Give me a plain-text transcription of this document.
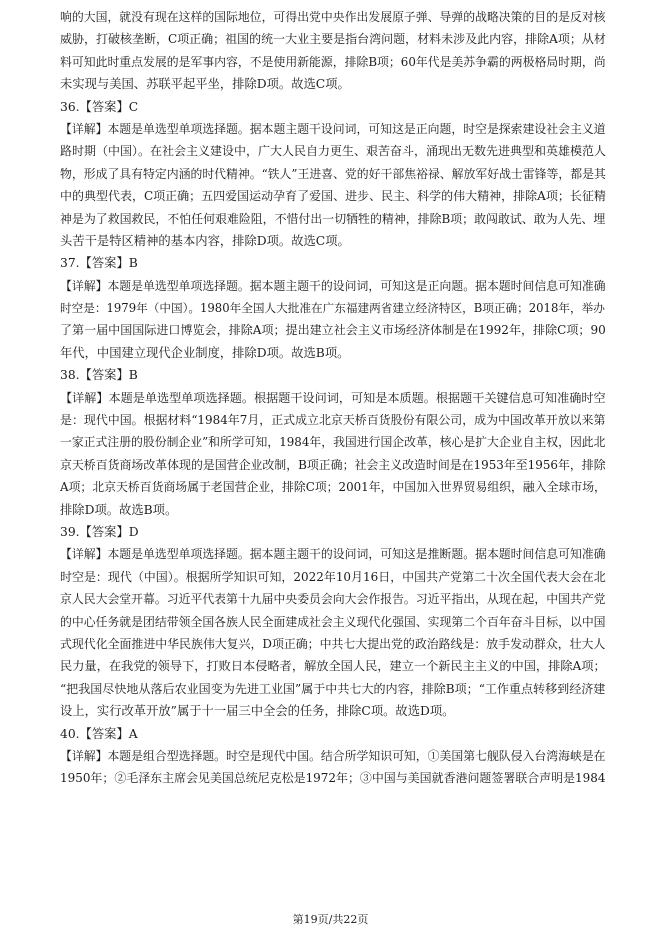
响的大国，就没有现在这样的国际地位，可得出党中央作出发展原子弹、导弹的战略决策的目的是反对核
威胁，打破核垄断，C项正确；祖国的统一大业主要是指台湾问题，材料未涉及此内容，排除A项；从材
料可知此时重点发展的是军事内容，不是使用新能源，排除B项；60年代是美苏争霸的两极格局时期，尚
未实现与美国、苏联平起平坐，排除D项。故选C项。
36.【答案】C
【详解】本题是单选型单项选择题。据本题主题干设问词，可知这是正向题，时空是探索建设社会主义道
路时期（中国）。在社会主义建设中，广大人民自力更生、艰苦奋斗，涌现出无数先进典型和英雄模范人
物，形成了具有特定内涵的时代精神。“铁人”王进喜、党的好干部焦裕禄、解放军好战士雷锋等，都是其
中的典型代表，C项正确；五四爱国运动孕育了爱国、进步、民主、科学的伟大精神，排除A项；长征精
神是为了救国救民，不怕任何艰难险阻，不惜付出一切牺牲的精神，排除B项；敢闯敢试、敢为人先、埋
头苦干是特区精神的基本内容，排除D项。故选C项。
37.【答案】B
【详解】本题是单选型单项选择题。据本题主题干的设问词，可知这是正向题。据本题时间信息可知准确
时空是：1979年（中国）。1980年全国人大批准在广东福建两省建立经济特区，B项正确；2018年，举办
了第一届中国国际进口博览会，排除A项；提出建立社会主义市场经济体制是在1992年，排除C项；90
年代，中国建立现代企业制度，排除D项。故选B项。
38.【答案】B
【详解】本题是单选型单项选择题。根据题干设问词，可知是本质题。根据题干关键信息可知准确时空
是：现代中国。根据材料“1984年7月，正式成立北京天桥百货股份有限公司，成为中国改革开放以来第
一家正式注册的股份制企业”和所学可知，1984年，我国进行国企改革，核心是扩大企业自主权，因此北
京天桥百货商场改革体现的是国营企业改制，B项正确；社会主义改造时间是在1953年至1956年，排除
A项；北京天桥百货商场属于老国营企业，排除C项；2001年，中国加入世界贸易组织，融入全球市场，
排除D项。故选B项。
39.【答案】D
【详解】本题是单选型单项选择题。据本题主题干的设问词，可知这是推断题。据本题时间信息可知准确
时空是：现代（中国）。根据所学知识可知，2022年10月16日，中国共产党第二十次全国代表大会在北
京人民大会堂开幕。习近平代表第十九届中央委员会向大会作报告。习近平指出，从现在起，中国共产党
的中心任务就是团结带领全国各族人民全面建成社会主义现代化强国、实现第二个百年奋斗目标，以中国
式现代化全面推进中华民族伟大复兴，D项正确；中共七大提出党的政治路线是：放手发动群众，壮大人
民力量，在我党的领导下，打败日本侵略者，解放全国人民，建立一个新民主主义的中国，排除A项；
“把我国尽快地从落后农业国变为先进工业国”属于中共七大的内容，排除B项；“工作重点转移到经济建
设上，实行改革开放”属于十一届三中全会的任务，排除C项。故选D项。
40.【答案】A
【详解】本题是组合型选择题。时空是现代中国。结合所学知识可知，①美国第七舰队侵入台湾海峡是在
1950年；②毛泽东主席会见美国总统尼克松是1972年；③中国与美国就香港问题签署联合声明是1984
第19页/共22页
